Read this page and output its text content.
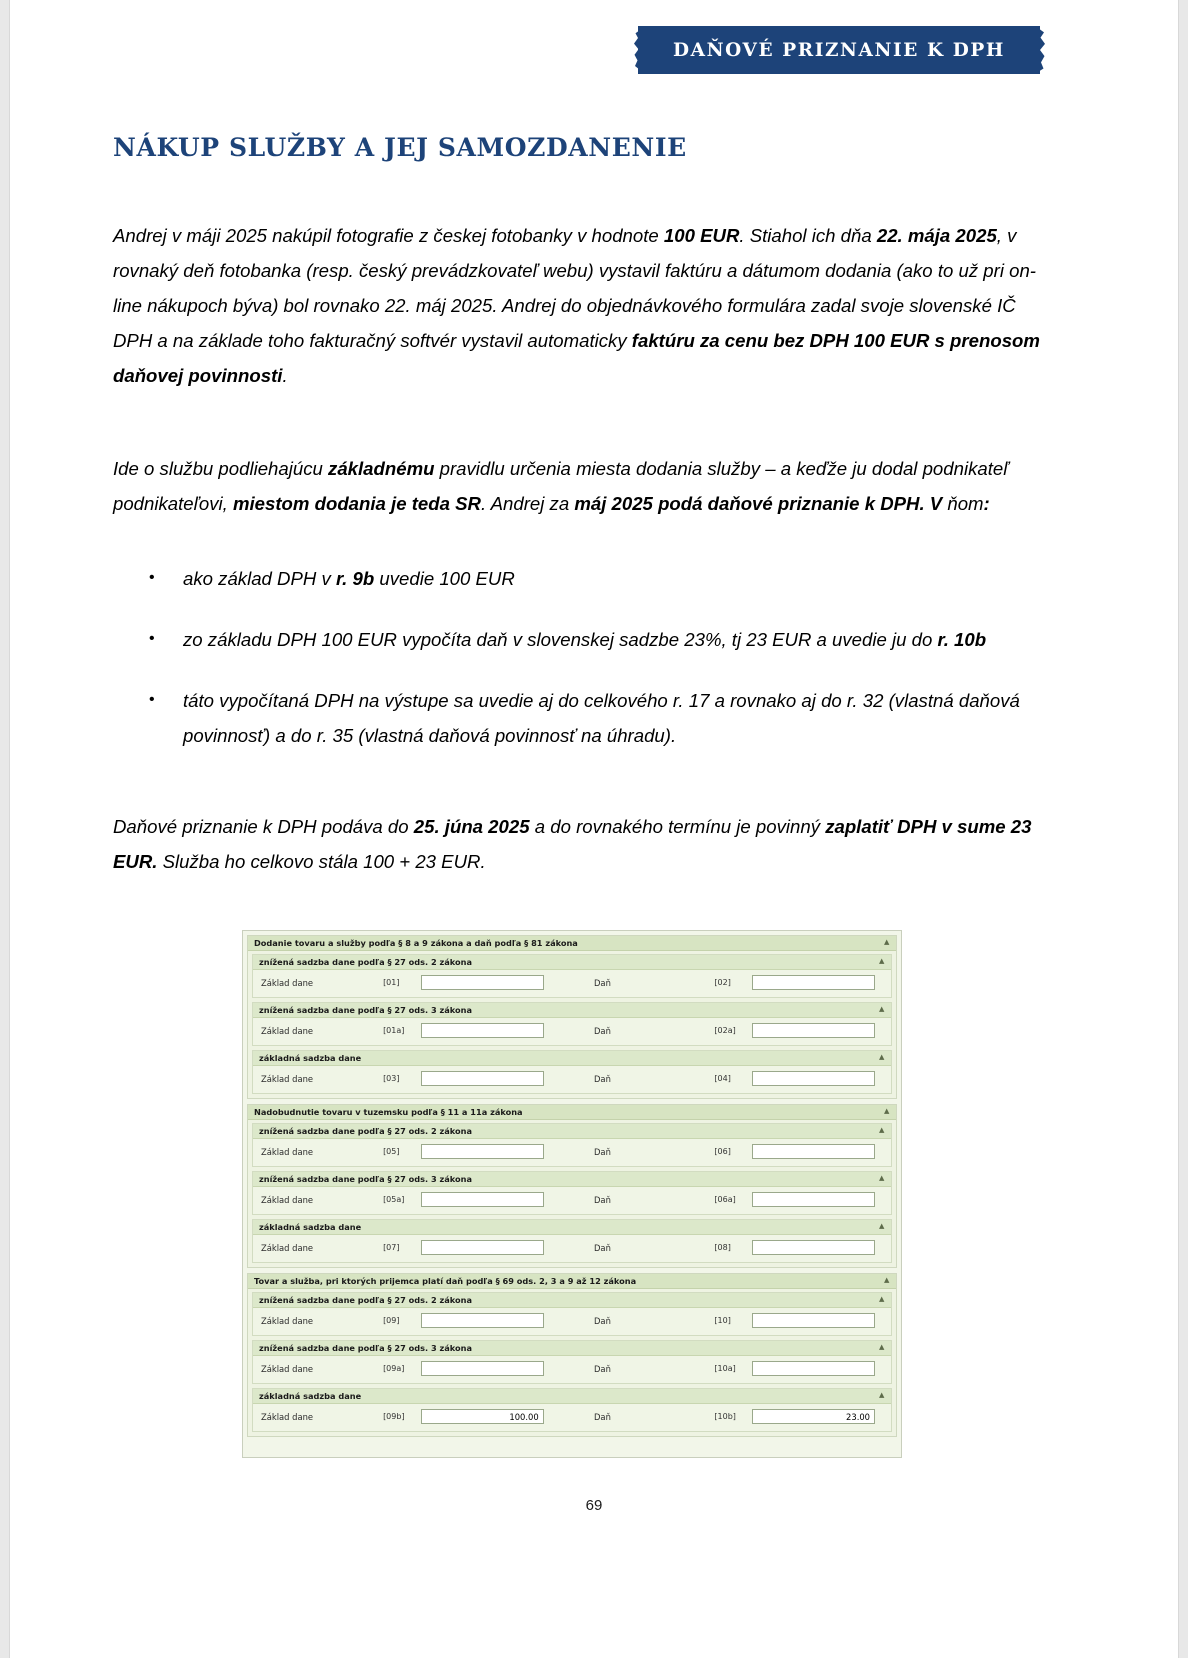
DAŇOVÉ PRIZNANIE K DPH
NÁKUP SLUŽBY A JEJ SAMOZDANENIE

Andrej v máji 2025 nakúpil fotografie z českej fotobanky v hodnote 100 EUR. Stiahol ich dňa 22. mája 2025, v rovnaký deň fotobanka (resp. český prevádzkovateľ webu) vystavil faktúru a dátumom dodania (ako to už pri on-line nákupoch býva) bol rovnako 22. máj 2025. Andrej do objednávkového formulára zadal svoje slovenské IČ DPH a na základe toho fakturačný softvér vystavil automaticky faktúru za cenu bez DPH 100 EUR s prenosom daňovej povinnosti.

Ide o službu podliehajúcu základnému pravidlu určenia miesta dodania služby – a keďže ju dodal podnikateľ podnikateľovi, miestom dodania je teda SR. Andrej za máj 2025 podá daňové priznanie k DPH. V ňom:

• ako základ DPH v r. 9b uvedie 100 EUR
• zo základu DPH 100 EUR vypočíta daň v slovenskej sadzbe 23%, tj 23 EUR a uvedie ju do r. 10b
• táto vypočítaná DPH na výstupe sa uvedie aj do celkového r. 17 a rovnako aj do r. 32 (vlastná daňová povinnosť) a do r. 35 (vlastná daňová povinnosť na úhradu).

Daňové priznanie k DPH podáva do 25. júna 2025 a do rovnakého termínu je povinný zaplatiť DPH v sume 23 EUR. Služba ho celkovo stála 100 + 23 EUR.

Dodanie tovaru a služby podľa § 8 a 9 zákona a daň podľa § 81 zákona	▲
znížená sadzba dane podľa § 27 ods. 2 zákona	▲
Základ dane	[01]	Daň	[02]
znížená sadzba dane podľa § 27 ods. 3 zákona	▲
Základ dane	[01a]	Daň	[02a]
základná sadzba dane	▲
Základ dane	[03]	Daň	[04]
Nadobudnutie tovaru v tuzemsku podľa § 11 a 11a zákona	▲
znížená sadzba dane podľa § 27 ods. 2 zákona	▲
Základ dane	[05]	Daň	[06]
znížená sadzba dane podľa § 27 ods. 3 zákona	▲
Základ dane	[05a]	Daň	[06a]
základná sadzba dane	▲
Základ dane	[07]	Daň	[08]
Tovar a služba, pri ktorých prijemca platí daň podľa § 69 ods. 2, 3 a 9 až 12 zákona	▲
znížená sadzba dane podľa § 27 ods. 2 zákona	▲
Základ dane	[09]	Daň	[10]
znížená sadzba dane podľa § 27 ods. 3 zákona	▲
Základ dane	[09a]	Daň	[10a]
základná sadzba dane	▲
Základ dane	[09b]	100.00	Daň	[10b]	23.00
69
